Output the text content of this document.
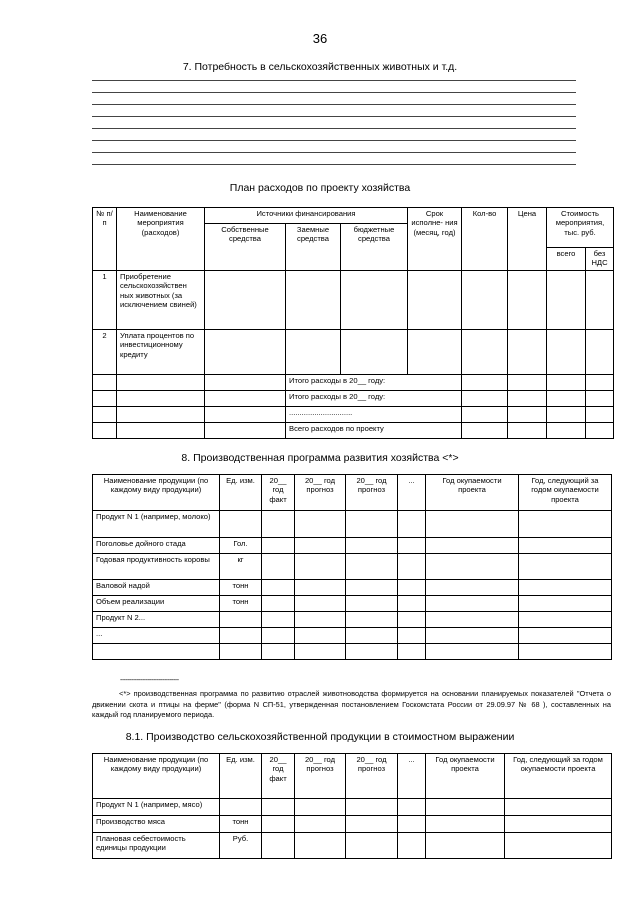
36
7. Потребность в сельскохозяйственных животных и т.д.
План расходов по проекту хозяйства
№ п/п	Наименование мероприятия (расходов)	Источники финансирования			Срок исполне- ния (месяц, год)	Кол-во	Цена	Стоимость мероприятия, тыс. руб.	
		Собственные средства	Заемные средства	бюджетные средства					
								всего	без НДС
1	Приобретение сельскохозяйствен ных животных (за исключением свиней)								
2	Уплата процентов по инвестиционному кредиту								
			Итого расходы в 20__ году:						
			Итого расходы в 20__ году:						
			..............................						
			Всего расходов по проекту						
8. Производственная программа развития хозяйства <*>
Наименование продукции (по каждому виду продукции)	Ед. изм.	20__ год факт	20__ год прогноз	20__ год прогноз	...	Год окупаемости проекта	Год, следующий за годом окупаемости проекта
Продукт N 1 (например, молоко)							
Поголовье дойного стада	Гол.						
Годовая продуктивность коровы	кг						
Валовой надой	тонн						
Объем реализации	тонн						
Продукт N 2...							
...							

--------------------------------
<*> производственная программа по развитию отраслей животноводства формируется на основании планируемых показателей "Отчета о движении скота и птицы на ферме" (форма N СП-51, утвержденная постановлением Госкомстата России от 29.09.97 № 68 ), составленных на каждый год планируемого периода.
8.1. Производство сельскохозяйственной продукции в стоимостном выражении
Наименование продукции (по каждому виду продукции)	Ед. изм.	20__ год факт	20__ год прогноз	20__ год прогноз	...	Год окупаемости проекта	Год, следующий за годом окупаемости проекта
Продукт N 1 (например, мясо)							
Производство мяса	тонн						
Плановая себестоимость единицы продукции	Руб.						
